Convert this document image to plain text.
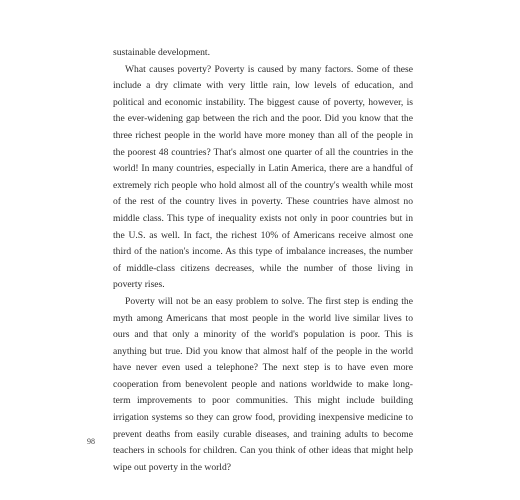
sustainable development.

What causes poverty? Poverty is caused by many factors. Some of these include a dry climate with very little rain, low levels of education, and political and economic instability. The biggest cause of poverty, however, is the ever-widening gap between the rich and the poor. Did you know that the three richest people in the world have more money than all of the people in the poorest 48 countries? That's almost one quarter of all the countries in the world! In many countries, especially in Latin America, there are a handful of extremely rich people who hold almost all of the country's wealth while most of the rest of the country lives in poverty. These countries have almost no middle class. This type of inequality exists not only in poor countries but in the U.S. as well. In fact, the richest 10% of Americans receive almost one third of the nation's income. As this type of imbalance increases, the number of middle-class citizens decreases, while the number of those living in poverty rises.

Poverty will not be an easy problem to solve. The first step is ending the myth among Americans that most people in the world live similar lives to ours and that only a minority of the world's population is poor. This is anything but true. Did you know that almost half of the people in the world have never even used a telephone? The next step is to have even more cooperation from benevolent people and nations worldwide to make long-term improvements to poor communities. This might include building irrigation systems so they can grow food, providing inexpensive medicine to prevent deaths from easily curable diseases, and training adults to become teachers in schools for children. Can you think of other ideas that might help wipe out poverty in the world?

98
